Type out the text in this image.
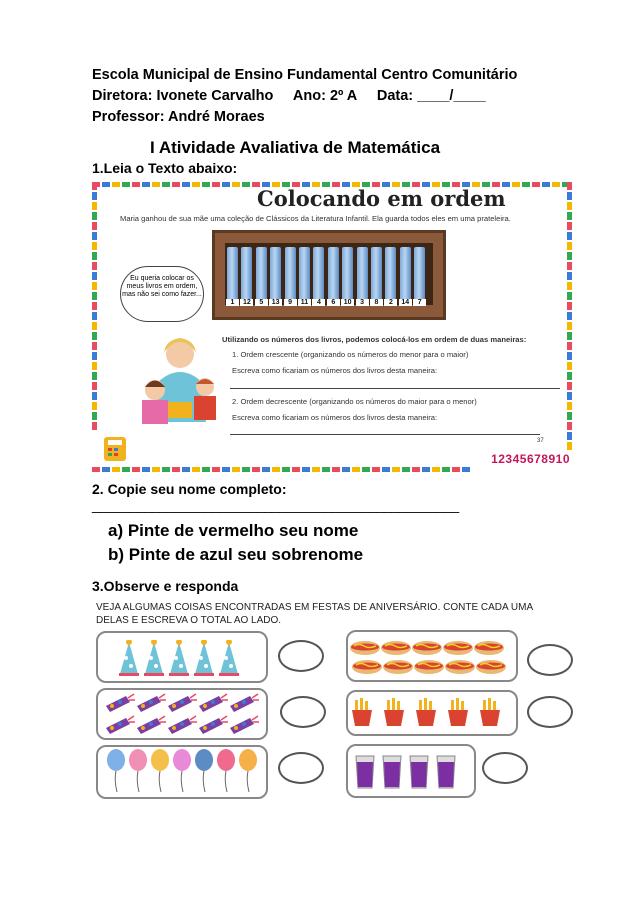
Escola Municipal de Ensino Fundamental Centro Comunitário
Diretora: Ivonete Carvalho     Ano: 2º A     Data: ____/____
Professor: André Moraes
I Atividade Avaliativa de Matemática
1.Leia o Texto abaixo:
Colocando em ordem
Maria ganhou de sua mãe uma coleção de Clássicos da Literatura Infantil. Ela guarda todos eles em uma prateleira.
1	12	5	13	9	11	4	6	10	3	8	2	14	7
Eu queria colocar os meus livros em ordem, mas não sei como fazer...
Utilizando os números dos livros, podemos colocá-los em ordem de duas maneiras:
1. Ordem crescente (organizando os números do menor para o maior)
Escreva como ficariam os números dos livros desta maneira:
2. Ordem decrescente (organizando os números do maior para o menor)
Escreva como ficariam os números dos livros desta maneira:
37
12345678910
2. Copie seu nome completo:
_________________________________________________
a) Pinte de vermelho seu nome
b) Pinte de azul seu sobrenome
3.Observe e responda
VEJA ALGUMAS COISAS ENCONTRADAS EM FESTAS DE ANIVERSÁRIO. CONTE CADA UMA
DELAS E ESCREVA O TOTAL AO LADO.
